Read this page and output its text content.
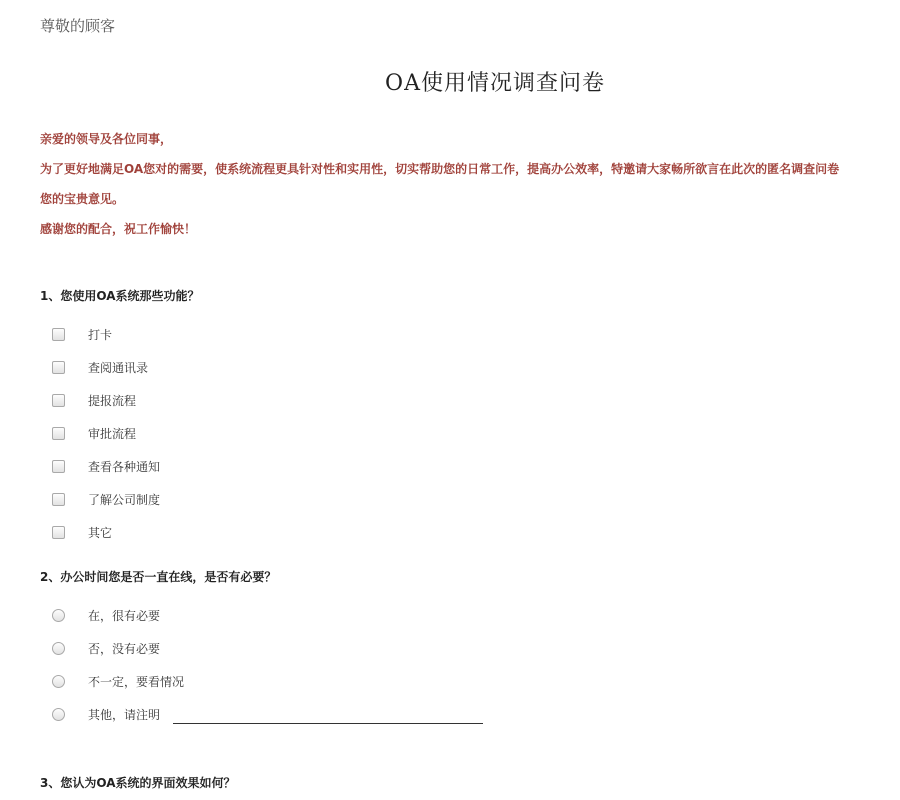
尊敬的顾客
OA使用情况调查问卷

亲爱的领导及各位同事，

为了更好地满足OA您对的需要，使系统流程更具针对性和实用性，切实帮助您的日常工作，提高办公效率，特邀请大家畅所欲言在此次的匿名调查问卷

您的宝贵意见。

感谢您的配合，祝工作愉快！

1、您使用OA系统那些功能？
打卡
查阅通讯录
提报流程
审批流程
查看各种通知
了解公司制度
其它
2、办公时间您是否一直在线，是否有必要？
在，很有必要
否，没有必要
不一定，要看情况
其他，请注明
3、您认为OA系统的界面效果如何？
